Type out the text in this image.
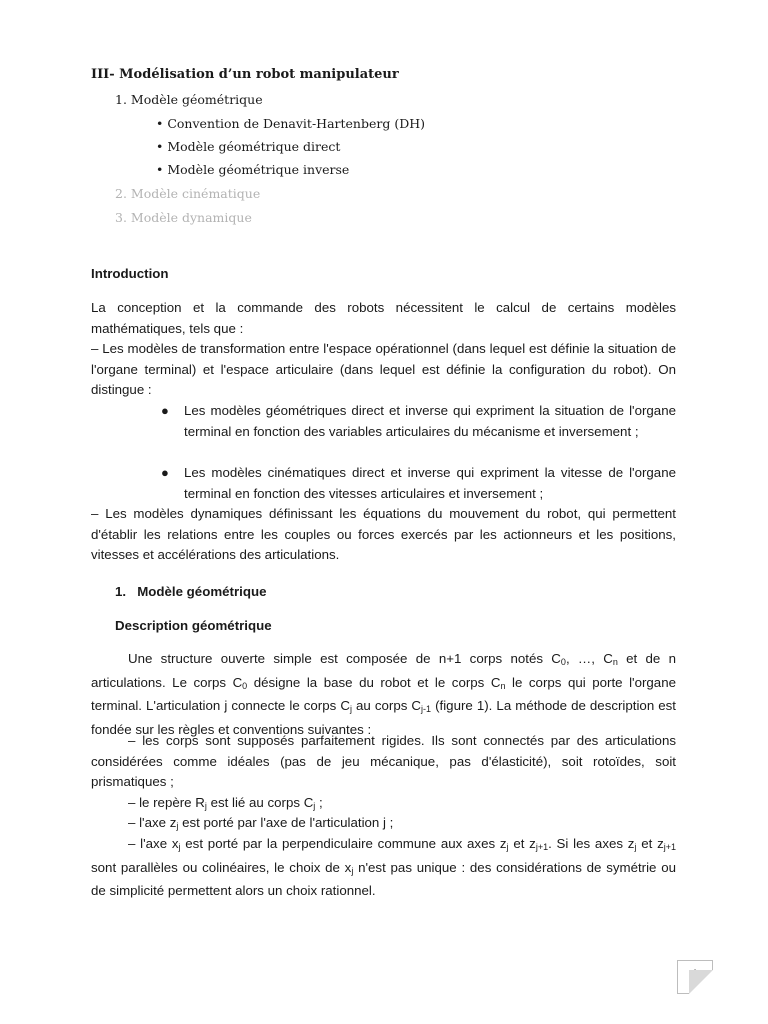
III- Modélisation d’un robot manipulateur
1. Modèle géométrique
• Convention de Denavit-Hartenberg (DH)
• Modèle géométrique direct
• Modèle géométrique inverse
2. Modèle cinématique
3. Modèle dynamique
Introduction
La conception et la commande des robots nécessitent le calcul de certains modèles mathématiques, tels que :
– Les modèles de transformation entre l'espace opérationnel (dans lequel est définie la situation de l'organe terminal) et l'espace articulaire (dans lequel est définie la configuration du robot). On distingue :
● Les modèles géométriques direct et inverse qui expriment la situation de l'organe terminal en fonction des variables articulaires du mécanisme et inversement ;
● Les modèles cinématiques direct et inverse qui expriment la vitesse de l'organe terminal en fonction des vitesses articulaires et inversement ;
– Les modèles dynamiques définissant les équations du mouvement du robot, qui permettent d'établir les relations entre les couples ou forces exercés par les actionneurs et les positions, vitesses et accélérations des articulations.
1. Modèle géométrique
Description géométrique
Une structure ouverte simple est composée de n+1 corps notés $C_0$, …, $C_n$ et de n articulations. Le corps $C_0$ désigne la base du robot et le corps $C_n$ le corps qui porte l'organe terminal. L'articulation j connecte le corps $C_j$ au corps $C_{j-1}$ (figure 1). La méthode de description est fondée sur les règles et conventions suivantes :
– les corps sont supposés parfaitement rigides. Ils sont connectés par des articulations considérées comme idéales (pas de jeu mécanique, pas d'élasticité), soit rotoïdes, soit prismatiques ;
– le repère $R_j$ est lié au corps $C_j$ ;
– l'axe $z_j$ est porté par l'axe de l'articulation j ;
– l'axe $x_j$ est porté par la perpendiculaire commune aux axes $z_j$ et $z_{j+1}$. Si les axes $z_j$ et $z_{j+1}$ sont parallèles ou colinéaires, le choix de $x_j$ n'est pas unique : des considérations de symétrie ou de simplicité permettent alors un choix rationnel.
1
